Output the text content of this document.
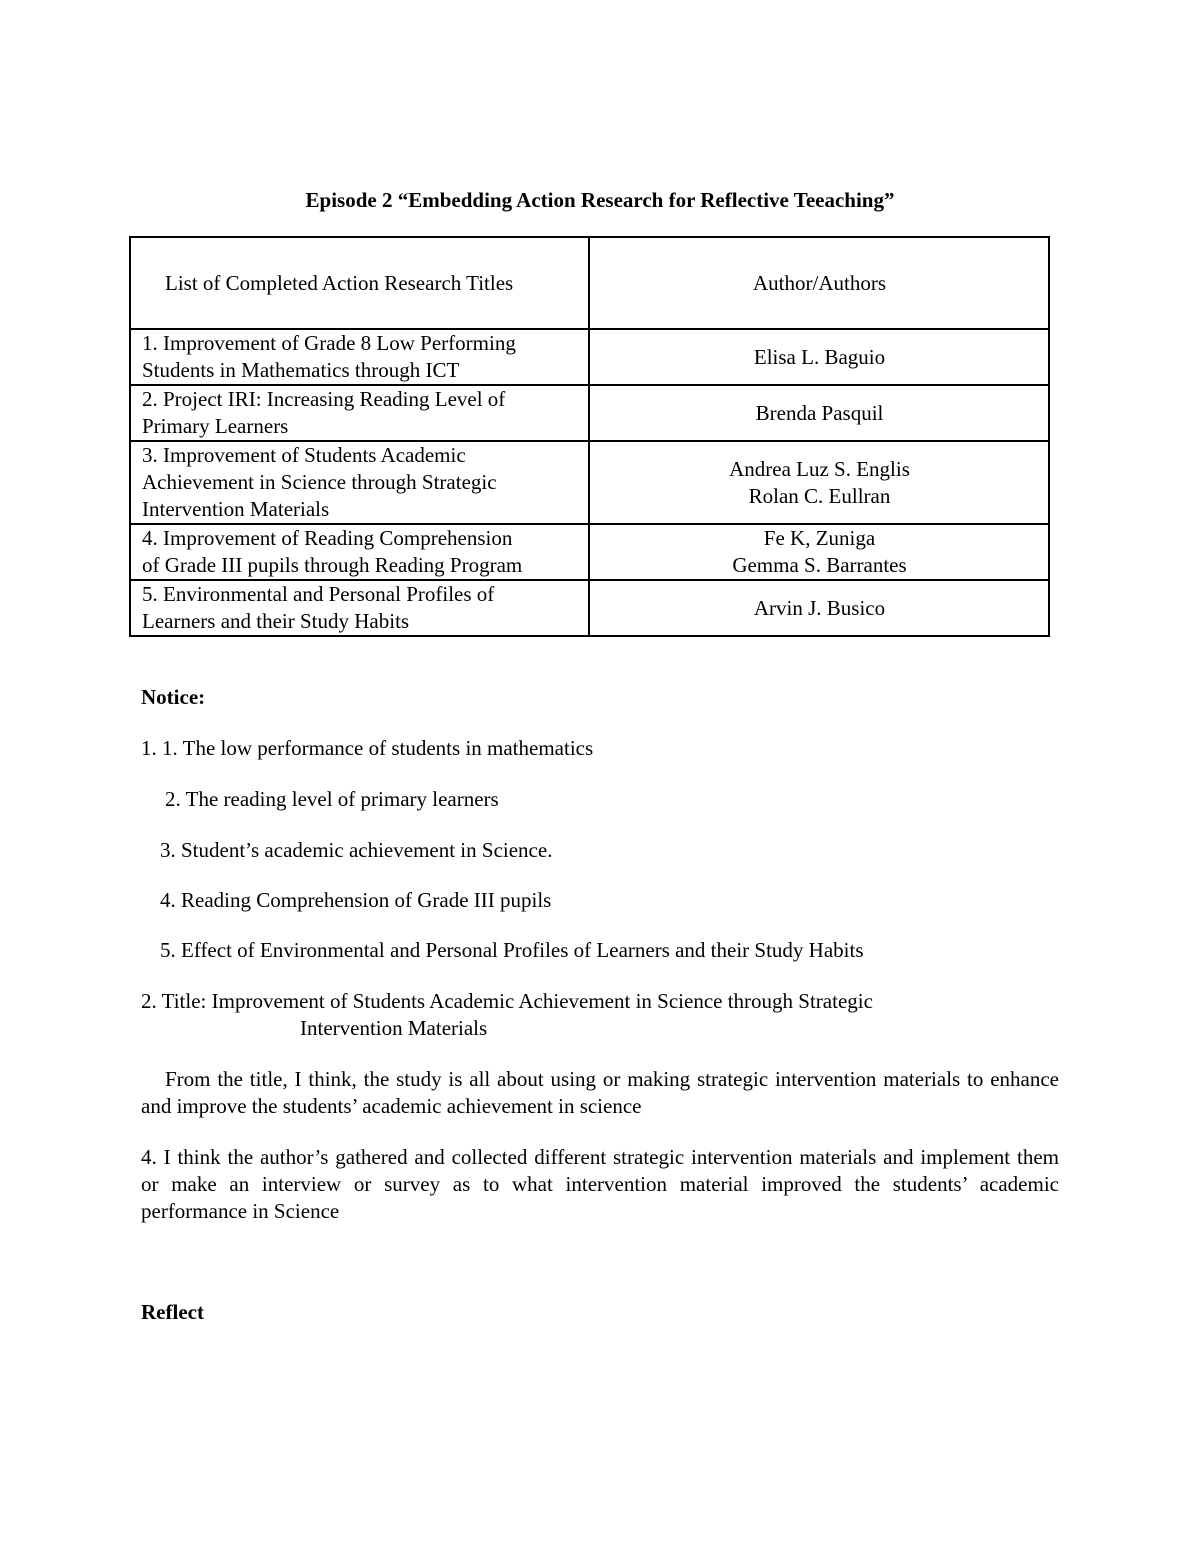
Episode 2 “Embedding Action Research for Reflective Teeaching”
List of Completed Action Research Titles	Author/Authors
1. Improvement of Grade 8 Low Performing
Students in Mathematics through ICT	Elisa L. Baguio
2. Project IRI: Increasing Reading Level of
Primary Learners	Brenda Pasquil
3. Improvement of Students Academic
Achievement in Science through Strategic
Intervention Materials	Andrea Luz S. Englis
Rolan C. Eullran
4. Improvement of Reading Comprehension
of Grade III pupils through Reading Program	Fe K, Zuniga
Gemma S. Barrantes
5. Environmental and Personal Profiles of
Learners and their Study Habits	Arvin J. Busico
Notice:
1. 1. The low performance of students in mathematics
2. The reading level of primary learners
3. Student’s academic achievement in Science.
4. Reading Comprehension of Grade III pupils
5. Effect of Environmental and Personal Profiles of Learners and their Study Habits
2. Title: Improvement of Students Academic Achievement in Science through Strategic
Intervention Materials
From the title, I think, the study is all about using or making strategic intervention materials to enhance and improve the students’ academic achievement in science
4. I think the author’s gathered and collected different strategic intervention materials and implement them or make an interview or survey as to what intervention material improved the students’ academic performance in Science
Reflect
